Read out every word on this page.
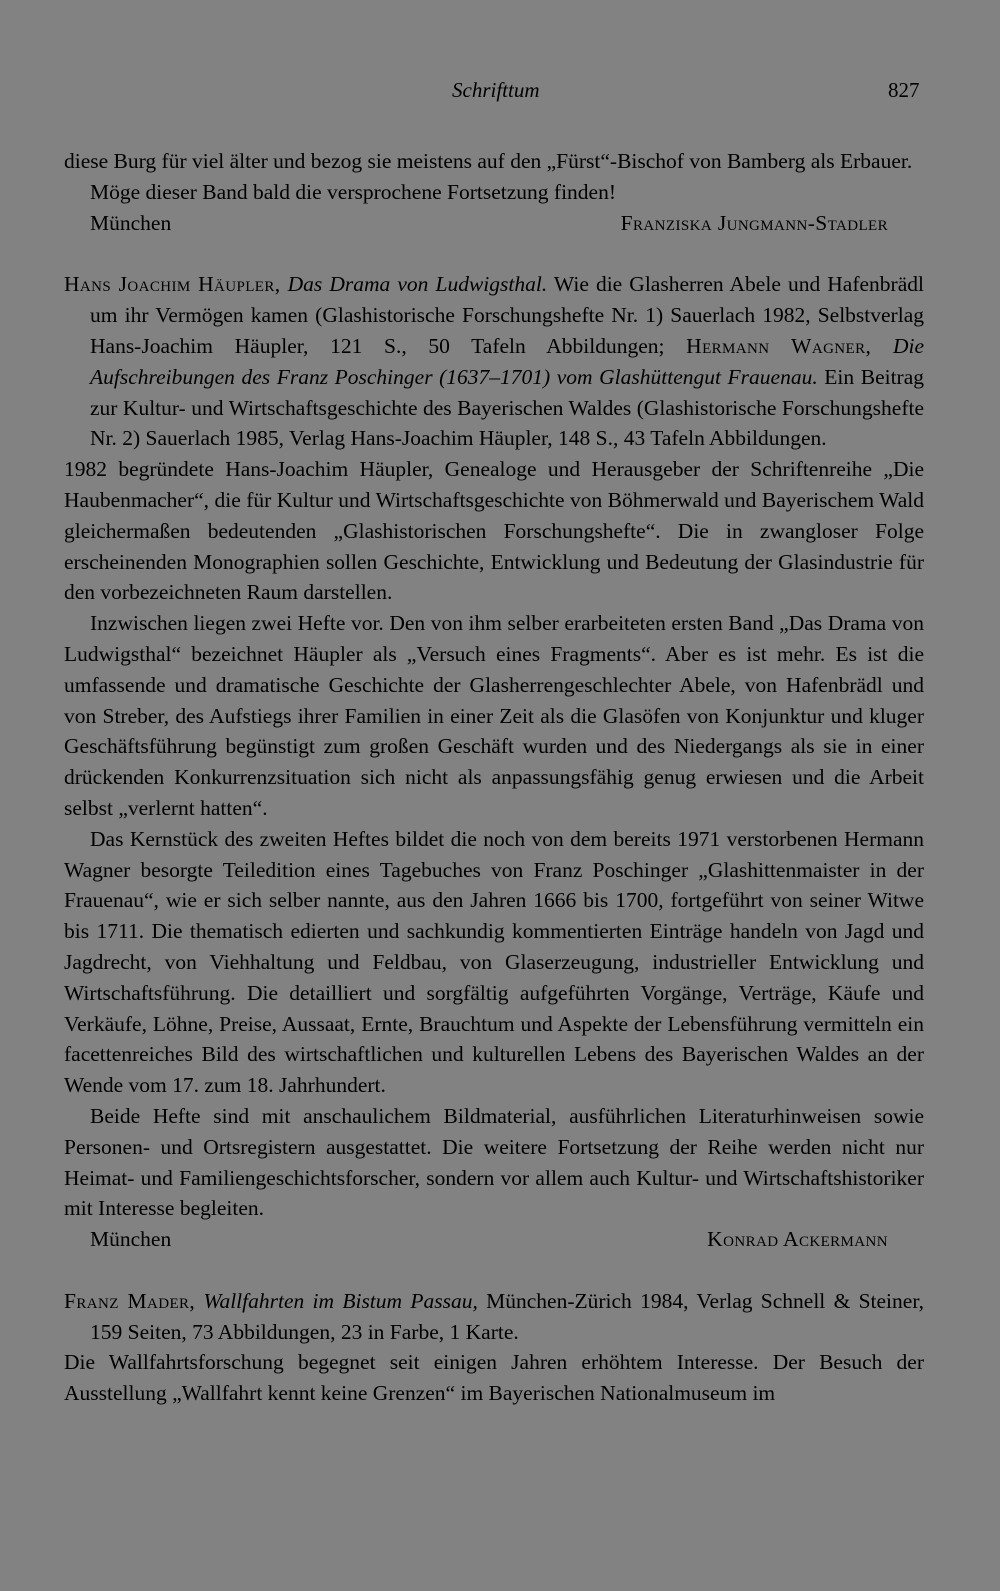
Schrifttum	827

diese Burg für viel älter und bezog sie meistens auf den „Fürst“-Bischof von Bamberg als Erbauer.

Möge dieser Band bald die versprochene Fortsetzung finden!

München	Franziska Jungmann-Stadler

Hans Joachim Häupler, Das Drama von Ludwigsthal. Wie die Glasherren Abele und Hafenbrädl um ihr Vermögen kamen (Glashistorische Forschungshefte Nr. 1) Sauerlach 1982, Selbstverlag Hans-Joachim Häupler, 121 S., 50 Tafeln Abbildungen; Hermann Wagner, Die Aufschreibungen des Franz Poschinger (1637–1701) vom Glashüttengut Frauenau. Ein Beitrag zur Kultur- und Wirtschaftsgeschichte des Bayerischen Waldes (Glashistorische Forschungshefte Nr. 2) Sauerlach 1985, Verlag Hans-Joachim Häupler, 148 S., 43 Tafeln Abbildungen.

1982 begründete Hans-Joachim Häupler, Genealoge und Herausgeber der Schriftenreihe „Die Haubenmacher“, die für Kultur und Wirtschaftsgeschichte von Böhmerwald und Bayerischem Wald gleichermaßen bedeutenden „Glashistorischen Forschungshefte“. Die in zwangloser Folge erscheinenden Monographien sollen Geschichte, Entwicklung und Bedeutung der Glasindustrie für den vorbezeichneten Raum darstellen.

Inzwischen liegen zwei Hefte vor. Den von ihm selber erarbeiteten ersten Band „Das Drama von Ludwigsthal“ bezeichnet Häupler als „Versuch eines Fragments“. Aber es ist mehr. Es ist die umfassende und dramatische Geschichte der Glasherrengeschlechter Abele, von Hafenbrädl und von Streber, des Aufstiegs ihrer Familien in einer Zeit als die Glasöfen von Konjunktur und kluger Geschäftsführung begünstigt zum großen Geschäft wurden und des Niedergangs als sie in einer drückenden Konkurrenzsituation sich nicht als anpassungsfähig genug erwiesen und die Arbeit selbst „verlernt hatten“.

Das Kernstück des zweiten Heftes bildet die noch von dem bereits 1971 verstorbenen Hermann Wagner besorgte Teiledition eines Tagebuches von Franz Poschinger „Glashittenmaister in der Frauenau“, wie er sich selber nannte, aus den Jahren 1666 bis 1700, fortgeführt von seiner Witwe bis 1711. Die thematisch edierten und sachkundig kommentierten Einträge handeln von Jagd und Jagdrecht, von Viehhaltung und Feldbau, von Glaserzeugung, industrieller Entwicklung und Wirtschaftsführung. Die detailliert und sorgfältig aufgeführten Vorgänge, Verträge, Käufe und Verkäufe, Löhne, Preise, Aussaat, Ernte, Brauchtum und Aspekte der Lebensführung vermitteln ein facettenreiches Bild des wirtschaftlichen und kulturellen Lebens des Bayerischen Waldes an der Wende vom 17. zum 18. Jahrhundert.

Beide Hefte sind mit anschaulichem Bildmaterial, ausführlichen Literaturhinweisen sowie Personen- und Ortsregistern ausgestattet. Die weitere Fortsetzung der Reihe werden nicht nur Heimat- und Familiengeschichtsforscher, sondern vor allem auch Kultur- und Wirtschaftshistoriker mit Interesse begleiten.

München	Konrad Ackermann

Franz Mader, Wallfahrten im Bistum Passau, München-Zürich 1984, Verlag Schnell & Steiner, 159 Seiten, 73 Abbildungen, 23 in Farbe, 1 Karte.

Die Wallfahrtsforschung begegnet seit einigen Jahren erhöhtem Interesse. Der Besuch der Ausstellung „Wallfahrt kennt keine Grenzen“ im Bayerischen Nationalmuseum im
